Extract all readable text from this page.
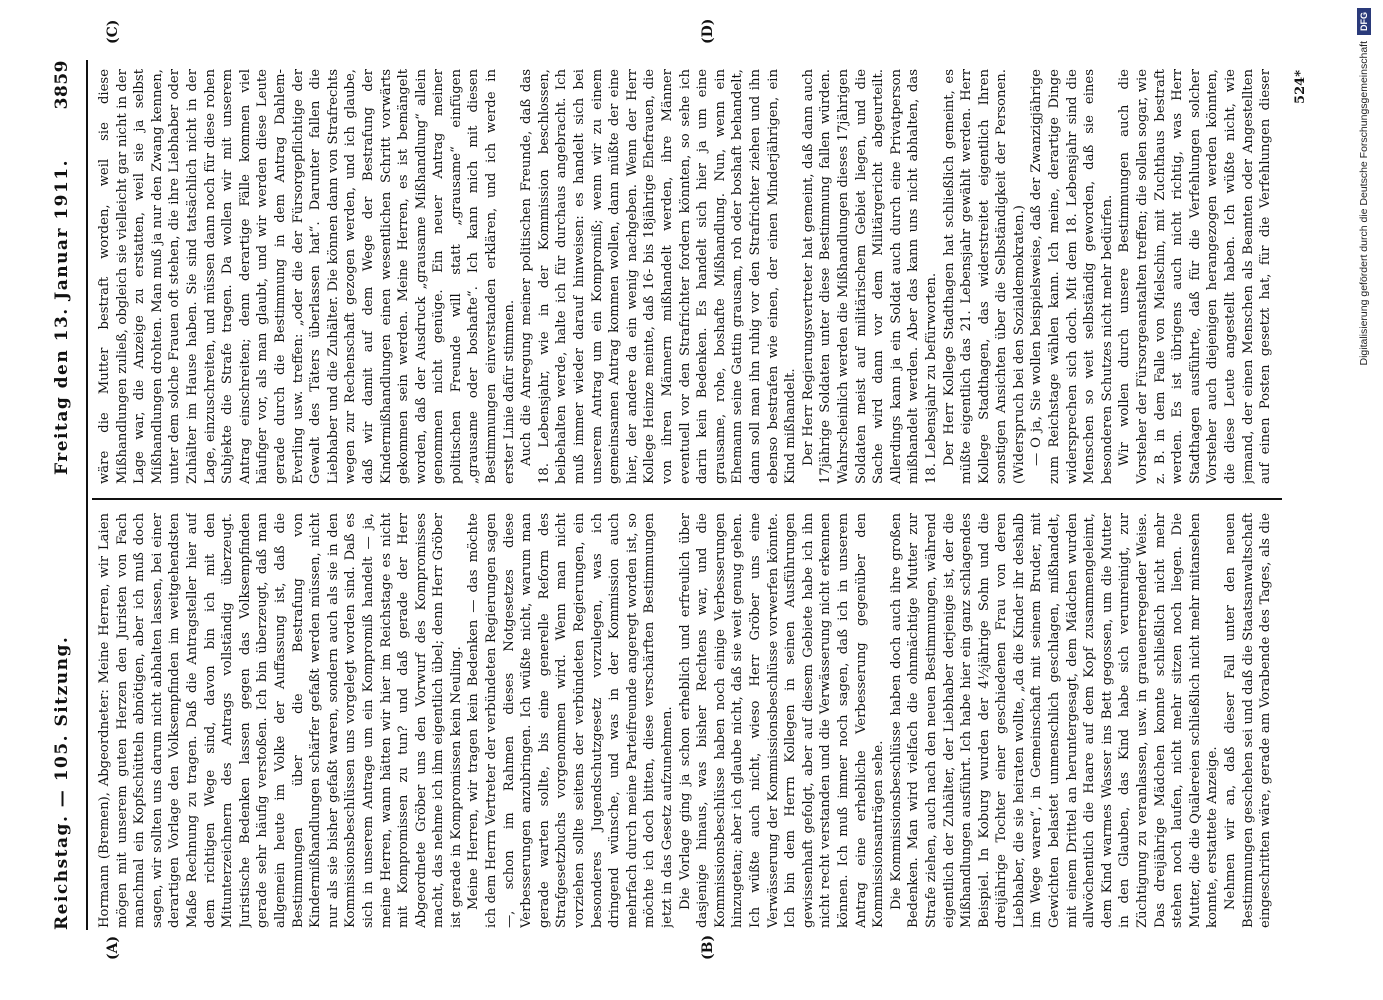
Reichstag. — 105. Sitzung.
Freitag den 13. Januar 1911.
3859
(A)	(B)
(C)	(D)

Hormann (Bremen), Abgeordneter: Meine Herren, wir Laien mögen mit unserem guten Herzen den Juristen von Fach manchmal ein Kopfschütteln abnötigen, aber ich muß doch sagen, wir sollten uns darum nicht abhalten lassen, bei einer derartigen Vorlage den Volksempfinden im weitgehendsten Maße Rechnung zu tragen. Daß die Antragsteller hier auf dem richtigen Wege sind, davon bin ich mit den Mitunterzeichnern des Antrags vollständig überzeugt. Juristische Bedenken lassen gegen das Volksempfinden gerade sehr häufig verstoßen. Ich bin überzeugt, daß man allgemein heute im Volke der Auffassung ist, daß die Bestimmungen über die Bestrafung von Kindermißhandlungen schärfer gefaßt werden müssen, nicht nur als sie bisher gefaßt waren, sondern auch als sie in den Kommissionsbeschlüssen uns vorgelegt worden sind. Daß es sich in unserem Antrage um ein Kompromiß handelt — ja, meine Herren, wann hätten wir hier im Reichstage es nicht mit Kompromissen zu tun? und daß gerade der Herr Abgeordnete Gröber uns den Vorwurf des Kompromisses macht, das nehme ich ihm eigentlich übel; denn Herr Gröber ist gerade in Kompromissen kein Neuling. Meine Herren, wir tragen kein Bedenken — das möchte ich dem Herrn Vertreter der verbündeten Regierungen sagen —, schon im Rahmen dieses Notgesetzes diese Verbesserungen anzubringen. Ich wüßte nicht, warum man gerade warten sollte, bis eine generelle Reform des Strafgesetzbuchs vorgenommen wird. Wenn man nicht vorziehen sollte seitens der verbündeten Regierungen, ein besonderes Jugendschutzgesetz vorzulegen, was ich dringend wünsche, und was in der Kommission auch mehrfach durch meine Parteifreunde angeregt worden ist, so möchte ich doch bitten, diese verschärften Bestimmungen jetzt in das Gesetz aufzunehmen. Die Vorlage ging ja schon erheblich und erfreulich über dasjenige hinaus, was bisher Rechtens war, und die Kommissionsbeschlüsse haben noch einige Verbesserungen hinzugetan; aber ich glaube nicht, daß sie weit genug gehen. Ich wüßte auch nicht, wieso Herr Gröber uns eine Verwässerung der Kommissionsbeschlüsse vorwerfen könnte. Ich bin dem Herrn Kollegen in seinen Ausführungen gewissenhaft gefolgt, aber auf diesem Gebiete habe ich ihn nicht recht verstanden und die Verwässerung nicht erkennen können. Ich muß immer noch sagen, daß ich in unserem Antrag eine erhebliche Verbesserung gegenüber den Kommissionsanträgen sehe. Die Kommissionsbeschlüsse haben doch auch ihre großen Bedenken. Man wird vielfach die ohnmächtige Mutter zur Strafe ziehen, auch nach den neuen Bestimmungen, während eigentlich der Zuhälter, der Liebhaber derjenige ist, der die Mißhandlungen ausführt. Ich habe hier ein ganz schlagendes Beispiel. In Koburg wurden der 4½jährige Sohn und die dreijährige Tochter einer geschiedenen Frau von deren Liebhaber, die sie heiraten wollte, „da die Kinder ihr deshalb im Wege waren“, in Gemeinschaft mit seinem Bruder, mit Gewichten belastet unmenschlich geschlagen, mißhandelt, mit einem Drittel an heruntergesagt, dem Mädchen wurden allwöchentlich die Haare auf dem Kopf zusammengeleimt, dem Kind warmes Wasser ins Bett gegossen, um die Mutter in den Glauben, das Kind habe sich verunreinigt, zur Züchtigung zu veranlassen, usw. in grauenerregender Weise. Das dreijährige Mädchen konnte schließlich nicht mehr stehen noch laufen, nicht mehr sitzen noch liegen. Die Mutter, die die Quälereien schließlich nicht mehr mitansehen konnte, erstattete Anzeige. Nehmen wir an, daß dieser Fall unter den neuen Bestimmungen geschehen sei und daß die Staatsanwaltschaft eingeschritten wäre, gerade am Vorabende des Tages, als die

wäre die Mutter bestraft worden, weil sie diese Mißhandlungen zuließ, obgleich sie vielleicht gar nicht in der Lage war, die Anzeige zu erstatten, weil sie ja selbst Mißhandlungen drohten. Man muß ja nur den Zwang kennen, unter dem solche Frauen oft stehen, die ihre Liebhaber oder Zuhälter im Hause haben. Sie sind tatsächlich nicht in der Lage, einzuschreiten, und müssen dann noch für diese rohen Subjekte die Strafe tragen. Da wollen wir mit unserem Antrag einschreiten; denn derartige Fälle kommen viel häufiger vor, als man glaubt, und wir werden diese Leute gerade durch die Bestimmung in dem Antrag Dahlem-Everling usw. treffen: „oder die der Fürsorgepflichtige der Gewalt des Täters überlassen hat“. Darunter fallen die Liebhaber und die Zuhälter. Die können dann von Strafrechts wegen zur Rechenschaft gezogen werden, und ich glaube, daß wir damit auf dem Wege der Bestrafung der Kindermißhandlungen einen wesentlichen Schritt vorwärts gekommen sein werden. Meine Herren, es ist bemängelt worden, daß der Ausdruck „grausame Mißhandlung“ allein genommen nicht genüge. Ein neuer Antrag meiner politischen Freunde will statt „grausame“ einfügen „grausame oder boshafte“. Ich kann mich mit diesen Bestimmungen einverstanden erklären, und ich werde in erster Linie dafür stimmen. Auch die Anregung meiner politischen Freunde, daß das 18. Lebensjahr, wie in der Kommission beschlossen, beibehalten werde, halte ich für durchaus angebracht. Ich muß immer wieder darauf hinweisen: es handelt sich bei unserem Antrag um ein Kompromiß; wenn wir zu einem gemeinsamen Antrag kommen wollen, dann müßte der eine hier, der andere da ein wenig nachgeben. Wenn der Herr Kollege Heinze meinte, daß 16- bis 18jährige Ehefrauen, die von ihren Männern mißhandelt werden, ihre Männer eventuell vor den Strafrichter fordern könnten, so sehe ich darin kein Bedenken. Es handelt sich hier ja um eine grausame, rohe, boshafte Mißhandlung. Nun, wenn ein Ehemann seine Gattin grausam, roh oder boshaft behandelt, dann soll man ihn ruhig vor den Strafrichter ziehen und ihn ebenso bestrafen wie einen, der einen Minderjährigen, ein Kind mißhandelt. Der Herr Regierungsvertreter hat gemeint, daß dann auch 17jährige Soldaten unter diese Bestimmung fallen würden. Wahrscheinlich werden die Mißhandlungen dieses 17jährigen Soldaten meist auf militärischem Gebiet liegen, und die Sache wird dann vor dem Militärgericht abgeurteilt. Allerdings kann ja ein Soldat auch durch eine Privatperson mißhandelt werden. Aber das kann uns nicht abhalten, das 18. Lebensjahr zu befürworten. Der Herr Kollege Stadthagen hat schließlich gemeint, es müßte eigentlich das 21. Lebensjahr gewählt werden. Herr Kollege Stadthagen, das widerstreitet eigentlich Ihren sonstigen Ansichten über die Selbständigkeit der Personen. (Widerspruch bei den Sozialdemokraten.) — O ja, Sie wollen beispielsweise, daß der Zwanzigjährige zum Reichstage wählen kann. Ich meine, derartige Dinge widersprechen sich doch. Mit dem 18. Lebensjahr sind die Menschen so weit selbständig geworden, daß sie eines besonderen Schutzes nicht mehr bedürfen. Wir wollen durch unsere Bestimmungen auch die Vorsteher der Fürsorgeanstalten treffen; die sollen sogar, wie z. B. in dem Falle von Mielschin, mit Zuchthaus bestraft werden. Es ist übrigens auch nicht richtig, was Herr Stadthagen ausführte, daß für die Verfehlungen solcher Vorsteher auch diejenigen herangezogen werden könnten, die diese Leute angestellt haben. Ich wüßte nicht, wie jemand, der einen Menschen als Beamten oder Angestellten auf einen Posten gesetzt hat, für die Verfehlungen dieser	524*	Digitalisierung gefördert durch die Deutsche ForschungsgemeinschaftDFG
